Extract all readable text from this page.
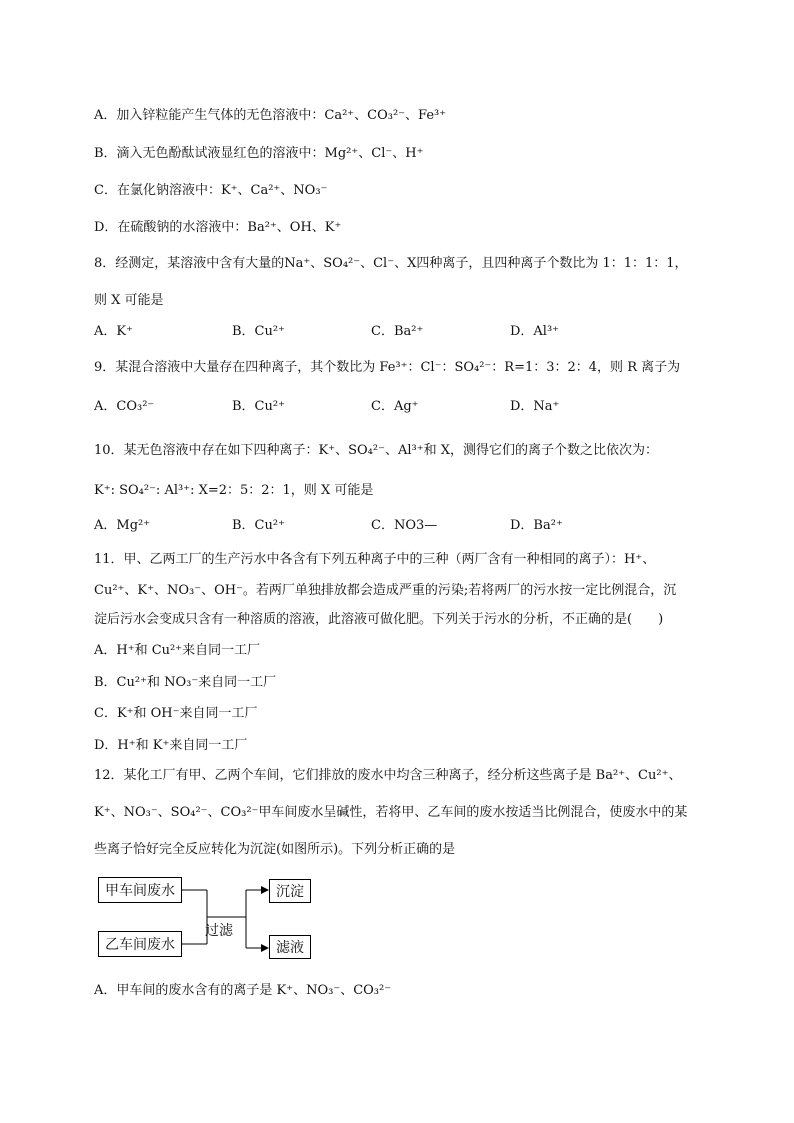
A．加入锌粒能产生气体的无色溶液中：Ca²⁺、CO₃²⁻、Fe³⁺
B．滴入无色酚酞试液显红色的溶液中：Mg²⁺、Cl⁻、H⁺
C．在氯化钠溶液中：K⁺、Ca²⁺、NO₃⁻
D．在硫酸钠的水溶液中：Ba²⁺、OH、K⁺
8．经测定，某溶液中含有大量的Na⁺、SO₄²⁻、Cl⁻、X四种离子，且四种离子个数比为 1：1：1：1，
则 X 可能是
A．K⁺	B．Cu²⁺	C．Ba²⁺	D．Al³⁺
9．某混合溶液中大量存在四种离子，其个数比为 Fe³⁺：Cl⁻：SO₄²⁻：R=1：3：2：4，则 R 离子为
A．CO₃²⁻	B．Cu²⁺	C．Ag⁺	D．Na⁺
10．某无色溶液中存在如下四种离子：K⁺、SO₄²⁻、Al³⁺和 X，测得它们的离子个数之比依次为：
K⁺: SO₄²⁻: Al³⁺: X=2：5：2：1，则 X 可能是
A．Mg²⁺	B．Cu²⁺	C．NO3—	D．Ba²⁺
11．甲、乙两工厂的生产污水中各含有下列五种离子中的三种（两厂含有一种相同的离子）：H⁺、
Cu²⁺、K⁺、NO₃⁻、OH⁻。若两厂单独排放都会造成严重的污染;若将两厂的污水按一定比例混合，沉
淀后污水会变成只含有一种溶质的溶液，此溶液可做化肥。下列关于污水的分析，不正确的是(　　)
A．H⁺和 Cu²⁺来自同一工厂
B．Cu²⁺和 NO₃⁻来自同一工厂
C．K⁺和 OH⁻来自同一工厂
D．H⁺和 K⁺来自同一工厂
12．某化工厂有甲、乙两个车间，它们排放的废水中均含三种离子，经分析这些离子是 Ba²⁺、Cu²⁺、
K⁺、NO₃⁻、SO₄²⁻、CO₃²⁻甲车间废水呈碱性，若将甲、乙车间的废水按适当比例混合，使废水中的某
些离子恰好完全反应转化为沉淀(如图所示)。下列分析正确的是
甲车间废水
乙车间废水
过滤
沉淀
滤液
A．甲车间的废水含有的离子是 K⁺、NO₃⁻、CO₃²⁻
